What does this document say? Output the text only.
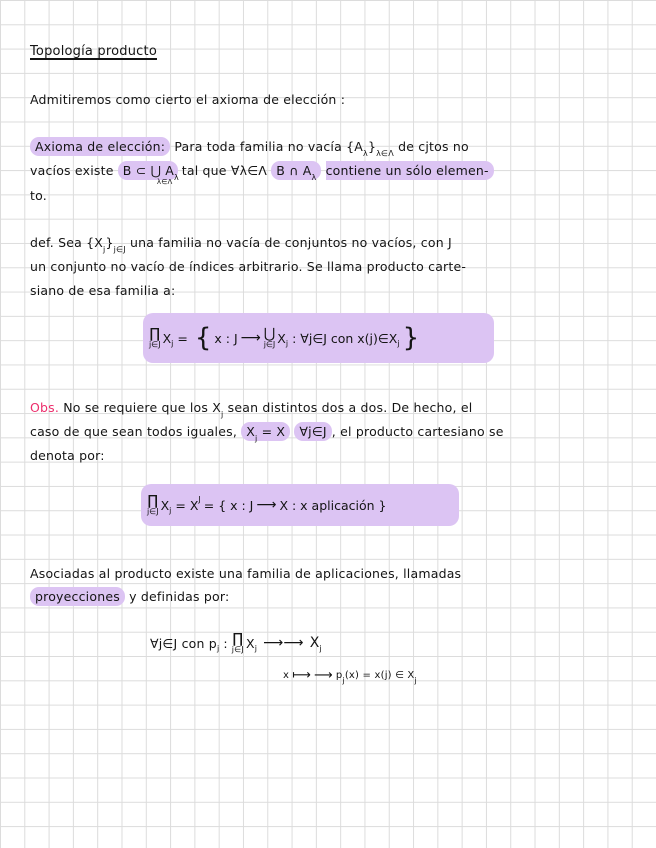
Topología producto
Admitiremos como cierto el axioma de elección :
Axioma de elección: Para toda familia no vacía $\{A_\lambda\}_{\lambda\in\Lambda}$ de cjtos no
vacíos existe B ⊂ ⋃ $A_{\lambda\lambda\in\Lambda}$ tal que ∀λ∈Λ B ∩ $A_\lambda$ contiene un sólo elemen-
to.
def. Sea $\{X_j\}_{j\in J}$ una familia no vacía de conjuntos no vacíos, con J
un conjunto no vacío de índices arbitrario. Se llama producto carte-
siano de esa familia a:
∏
j∈J X j = { x : J ⟶ ⋃
j∈J X j : ∀j∈J con x(j)∈X j }
Obs. No se requiere que los $X_j$ sean distintos dos a dos. De hecho, el
caso de que sean todos iguales, $X_j = X$ ∀j∈J , el producto cartesiano se
denota por:
∏
j∈J X j = X J = { x : J ⟶ X : x aplicación }
Asociadas al producto existe una familia de aplicaciones, llamadas
proyecciones y definidas por:
∀j∈J con p j : ∏
j∈J X j ⟶⟶ X j
x ⟼ ⟶ p j (x) = x(j) ∈ X j
